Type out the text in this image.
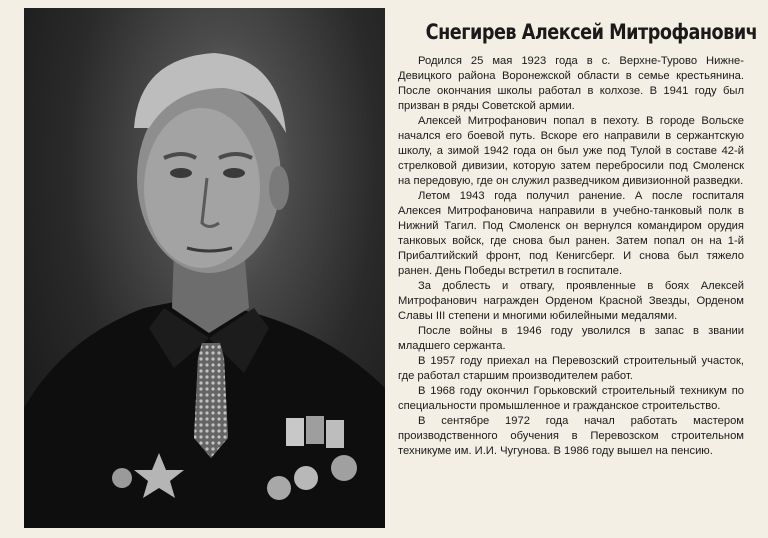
Снегирев Алексей Митрофанович

Родился 25 мая 1923 года в с. Верхне-Турово Нижне-Девицкого района Воронежской области в семье крестьянина. После окончания школы работал в колхозе. В 1941 году был призван в ряды Советской армии.

Алексей Митрофанович попал в пехоту. В городе Вольске начался его боевой путь. Вскоре его направили в сержантскую школу, а зимой 1942 года он был уже под Тулой в составе 42-й стрелковой дивизии, которую затем перебросили под Смоленск на передовую, где он служил разведчиком дивизионной разведки.

Летом 1943 года получил ранение. А после госпиталя Алексея Митрофановича направили в учебно-танковый полк в Нижний Тагил. Под Смоленск он вернулся командиром орудия танковых войск, где снова был ранен. Затем попал он на 1-й Прибалтийский фронт, под Кенигсберг. И снова был тяжело ранен. День Победы встретил в госпитале.

За доблесть и отвагу, проявленные в боях Алексей Митрофанович награжден Орденом Красной Звезды, Орденом Славы III степени и многими юбилейными медалями.

После войны в 1946 году уволился в запас в звании младшего сержанта.

В 1957 году приехал на Перевозский строительный участок, где работал старшим производителем работ.

В 1968 году окончил Горьковский строительный техникум по специальности промышленное и гражданское строительство.

В сентябре 1972 года начал работать мастером производственного обучения в Перевозском строительном техникуме им. И.И. Чугунова. В 1986 году вышел на пенсию.
